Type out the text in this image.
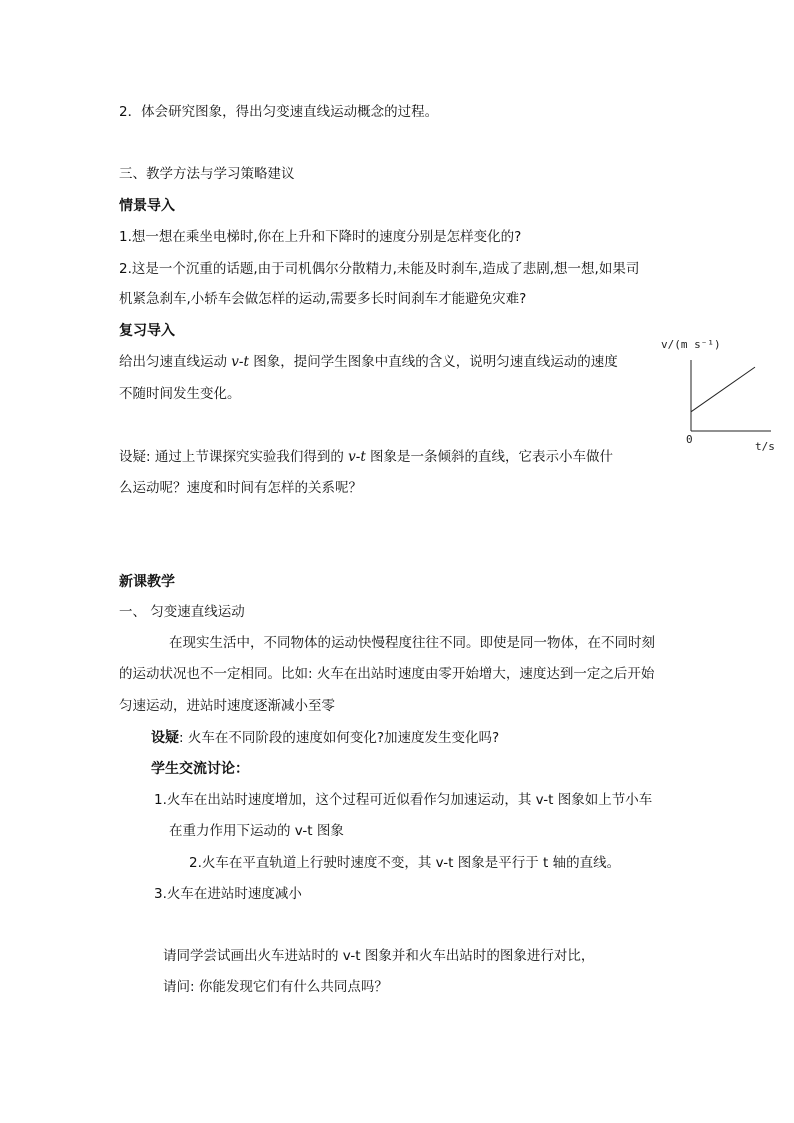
2．体会研究图象，得出匀变速直线运动概念的过程。
三、教学方法与学习策略建议
情景导入
1.想一想在乘坐电梯时,你在上升和下降时的速度分别是怎样变化的?
2.这是一个沉重的话题,由于司机偶尔分散精力,未能及时刹车,造成了悲剧,想一想,如果司
机紧急刹车,小轿车会做怎样的运动,需要多长时间刹车才能避免灾难?
复习导入
给出匀速直线运动 v-t 图象，提问学生图象中直线的含义，说明匀速直线运动的速度
不随时间发生变化。
设疑: 通过上节课探究实验我们得到的 v-t 图象是一条倾斜的直线，它表示小车做什
么运动呢？速度和时间有怎样的关系呢？
新课教学
一、 匀变速直线运动
在现实生活中，不同物体的运动快慢程度往往不同。即使是同一物体，在不同时刻
的运动状况也不一定相同。比如: 火车在出站时速度由零开始增大，速度达到一定之后开始
匀速运动，进站时速度逐渐减小至零
设疑: 火车在不同阶段的速度如何变化?加速度发生变化吗?
学生交流讨论：
1.火车在出站时速度增加，这个过程可近似看作匀加速运动，其 v-t 图象如上节小车
在重力作用下运动的 v-t 图象
2.火车在平直轨道上行驶时速度不变，其 v-t 图象是平行于 t 轴的直线。
3.火车在进站时速度减小
请同学尝试画出火车进站时的 v-t 图象并和火车出站时的图象进行对比，
请问: 你能发现它们有什么共同点吗？
v/(m s⁻¹)
0
t/s
